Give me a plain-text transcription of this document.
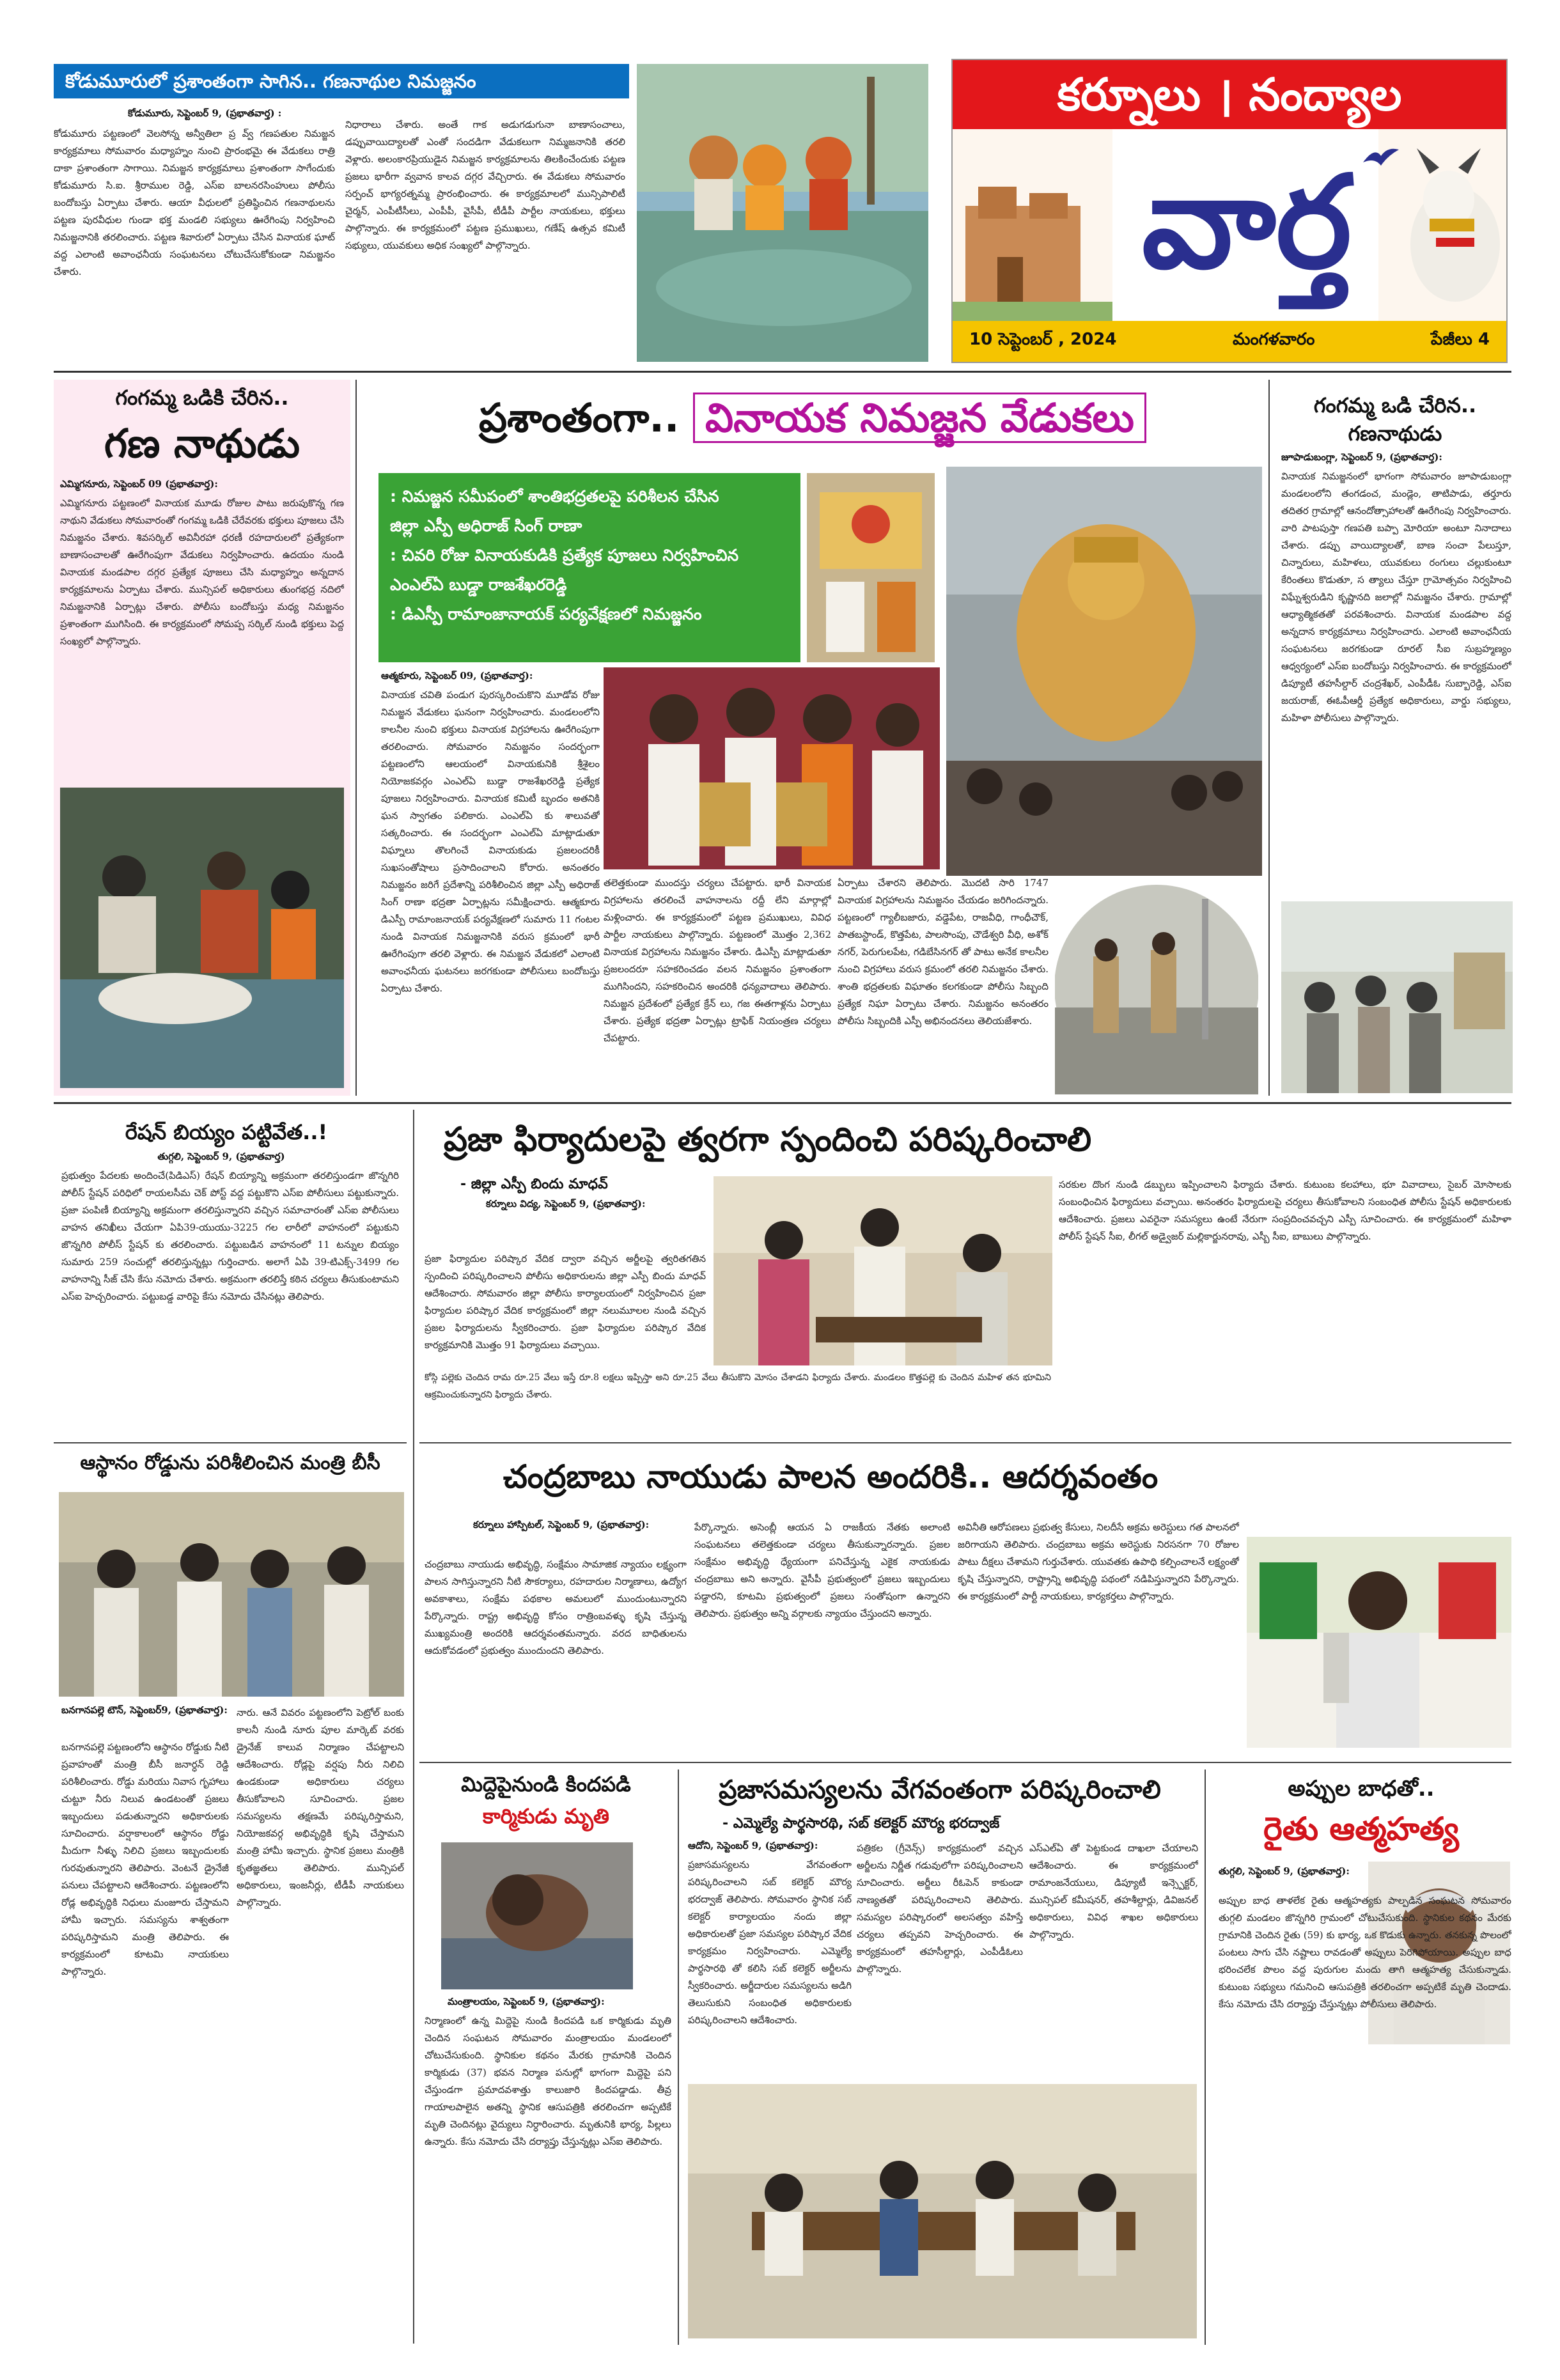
కర్నూలు । నంద్యాల
వార్త
10 సెప్టెంబర్ , 2024	మంగళవారం	పేజీలు 4
కోడుమూరులో ప్రశాంతంగా సాగిన.. గణనాథుల నిమజ్జనం
కోడుమూరు, సెప్టెంబర్ 9, (ప్రభాతవార్త) :
కోడుమూరు పట్టణంలో వెలసోన్న అన్వీతిలా ప్ర వ్వ్ గణపతుల నిమజ్జన కార్యక్రమాలు సోమవారం మధ్యాహ్నం నుంచి ప్రారంభమై ఈ వేడుకలు రాత్రి దాకా ప్రశాంతంగా సాగాయి. నిమజ్జన కార్యక్రమాలు ప్రశాంతంగా సాగేందుకు కోడుమూరు సి.ఐ. శ్రీరాముల రెడ్డి, ఎస్ఐ బాలనరసింహులు పోలీసు బందోబస్తు ఏర్పాటు చేశారు. ఆయా వీధులలో ప్రతిష్ఠించిన గణనాథులను పట్టణ పురవీధుల గుండా భక్త మండలి సభ్యులు ఊరేగింపు నిర్వహించి నిమజ్జనానికి తరలించారు. పట్టణ శివారులో ఏర్పాటు చేసిన వినాయక ఘాట్ వద్ద ఎలాంటి అవాంఛనీయ సంఘటనలు చోటుచేసుకోకుండా నిమజ్జనం చేశారు.
నిధారాలు చేశారు. అంతే గాక అడుగడుగునా బాణాసంచాలు, డప్పువాయిద్యాలతో ఎంతో సందడిగా వేడుకలుగా నిమ్మజనానికి తరలి వెళ్లారు. అలంకారప్రియుడైన నిమజ్జన కార్యక్రమాలను తిలకించేందుకు పట్టణ ప్రజలు భారీగా వ్వవాన కాలవ దగ్గర వేచ్చిరారు. ఈ వేడుకలు సోమవారం సర్పంచ్ భాగ్యరత్నమ్మ ప్రారంభించారు. ఈ కార్యక్రమాలలో మున్సిపాలిటీ చైర్మన్, ఎంపీటీసీలు, ఎంపీపీ, వైసీపీ, టీడీపీ పార్టీల నాయకులు, భక్తులు పాల్గొన్నారు. ఈ కార్యక్రమంలో పట్టణ ప్రముఖులు, గణేష్ ఉత్సవ కమిటీ సభ్యులు, యువకులు అధిక సంఖ్యలో పాల్గొన్నారు.
గంగమ్మ ఒడికి చేరిన..
గణ నాథుడు
ఎమ్మిగనూరు, సెప్టెంబర్ 09 (ప్రభాతవార్త):
ఎమ్మిగనూరు పట్టణంలో వినాయక మూడు రోజుల పాటు జరుపుకొన్న గణ నాథుని వేడుకలు సోమవారంతో గంగమ్మ ఒడికి చేరేవరకు భక్తులు పూజలు చేసి నిమజ్జనం చేశారు. శివసర్కిల్ అవినీరహా ధరణీ రహదారులలో ప్రత్యేకంగా బాణాసంచాలతో ఊరేగింపుగా వేడుకలు నిర్వహించారు. ఉదయం నుండి వినాయక మండపాల దగ్గర ప్రత్యేక పూజలు చేసి మధ్యాహ్నం అన్నదాన కార్యక్రమాలను ఏర్పాటు చేశారు. మున్సిపల్ అధికారులు తుంగభద్ర నదిలో నిమజ్జనానికి ఏర్పాట్లు చేశారు. పోలీసు బందోబస్తు మధ్య నిమజ్జనం ప్రశాంతంగా ముగిసింది. ఈ కార్యక్రమంలో సోమప్ప సర్కిల్ నుండి భక్తులు పెద్ద సంఖ్యలో పాల్గొన్నారు.
ప్రశాంతంగా.. వినాయక నిమజ్జన వేడుకలు
: నిమజ్జన సమీపంలో శాంతిభద్రతలపై పరిశీలన చేసిన
జిల్లా ఎస్పీ అధిరాజ్ సింగ్ రాణా
: చివరి రోజు వినాయకుడికి ప్రత్యేక పూజలు నిర్వహించిన
ఎంఎల్ఏ బుడ్డా రాజశేఖరరెడ్డి
: డిఎస్పీ రామాంజానాయక్ పర్యవేక్షణలో నిమజ్జనం
ఆత్మకూరు, సెప్టెంబర్ 09, (ప్రభాతవార్త):
వినాయక చవితి పండుగ పురస్కరించుకొని మూడోవ రోజు నిమజ్జన వేడుకలు ఘనంగా నిర్వహించారు. మండలంలోని కాలనీల నుంచి భక్తులు వినాయక విగ్రహాలను ఊరేగింపుగా తరలించారు. సోమవారం నిమజ్జనం సందర్భంగా పట్టణంలోని ఆలయంలో వినాయకునికి శ్రీశైలం నియోజకవర్గం ఎంఎల్ఏ బుడ్డా రాజశేఖరరెడ్డి ప్రత్యేక పూజలు నిర్వహించారు. వినాయక కమిటీ బృందం అతనికి ఘన స్వాగతం పలికారు. ఎంఎల్ఏ కు శాలువతో సత్కరించారు. ఈ సందర్భంగా ఎంఎల్ఏ మాట్లాడుతూ విఘ్నాలు తొలగించే వినాయకుడు ప్రజలందరికీ సుఖసంతోషాలు ప్రసాదించాలని కోరారు. అనంతరం నిమజ్జనం జరిగే ప్రదేశాన్ని పరిశీలించిన జిల్లా ఎస్పీ అధిరాజ్ సింగ్ రాణా భద్రతా ఏర్పాట్లను సమీక్షించారు. ఆత్మకూరు డిఎస్పీ రామాంజనాయక్ పర్యవేక్షణలో సుమారు 11 గంటల నుండి వినాయక నిమజ్జనానికి వరుస క్రమంలో భారీ ఊరేగింపుగా తరలి వెళ్లారు. ఈ నిమజ్జన వేడుకలో ఎలాంటి అవాంఛనీయ ఘటనలు జరగకుండా పోలీసులు బందోబస్తు ఏర్పాటు చేశారు.
తలెత్తకుండా ముందస్తు చర్యలు చేపట్టారు. భారీ వినాయక విగ్రహాలను తరలించే వాహనాలను రద్దీ లేని మార్గాల్లో మళ్లించారు. ఈ కార్యక్రమంలో పట్టణ ప్రముఖులు, వివిధ పార్టీల నాయకులు పాల్గొన్నారు. పట్టణంలో మొత్తం 2,362 వినాయక విగ్రహాలను నిమజ్జనం చేశారు. డిఎస్పీ మాట్లాడుతూ ప్రజలందరూ సహకరించడం వలన నిమజ్జనం ప్రశాంతంగా ముగిసిందని, సహకరించిన అందరికి ధన్యవాదాలు తెలిపారు. నిమజ్జన ప్రదేశంలో ప్రత్యేక క్రేన్ లు, గజ ఈతగాళ్లను ఏర్పాటు చేశారు. ప్రత్యేక భద్రతా ఏర్పాట్లు ట్రాఫిక్ నియంత్రణ చర్యలు చేపట్టారు.
ఏర్పాటు చేశారని తెలిపారు. మొదటి సారి 1747 వినాయక విగ్రహాలను నిమజ్జనం చేయడం జరిగిందన్నారు. పట్టణంలో గ్యాలీబజారు, వడ్డెపేట, రాజవీధి, గాంధీచౌక్, పాతబస్టాండ్, కొత్తపేట, పాలసొంపు, చౌడేశ్వరి వీధి, అశోక్ నగర్, పెరుగులపేట, గడిబేసినగర్ తో పాటు అనేక కాలనీల నుంచి విగ్రహాలు వరుస క్రమంలో తరలి నిమజ్జనం చేశారు. శాంతి భద్రతలకు విఘాతం కలగకుండా పోలీసు సిబ్బంది ప్రత్యేక నిఘా ఏర్పాటు చేశారు. నిమజ్జనం అనంతరం పోలీసు సిబ్బందికి ఎస్పీ అభినందనలు తెలియజేశారు.
గంగమ్మ ఒడి చేరిన..
గణనాథుడు
జూపాడుబంగ్లా, సెప్టెంబర్ 9, (ప్రభాతవార్త):
వినాయక నిమజ్జనంలో భాగంగా సోమవారం జూపాడుబంగ్లా మండలంలోని తంగడంచ, మండ్లెం, తాటిపాడు, తర్తూరు తదితర గ్రామాల్లో ఆనందోత్సాహాలతో ఊరేగింపు నిర్వహించారు. వారి పాటపుస్తా గణపతి బప్పా మోరియా అంటూ నినాదాలు చేశారు. డప్పు వాయిద్యాలతో, బాణ సంచా పేలుస్తూ, చిన్నారులు, మహిళలు, యువకులు రంగులు చల్లుకుంటూ కేరింతలు కొడుతూ, స త్యాలు చేస్తూ గ్రామోత్సవం నిర్వహించి విఘ్నేశ్వరుడిని కృష్ణానది జలాల్లో నిమజ్జనం చేశారు. గ్రామాల్లో ఆధ్యాత్మికతతో పరవశించారు. వినాయక మండపాల వద్ద అన్నదాన కార్యక్రమాలు నిర్వహించారు. ఎలాంటి అవాంఛనీయ సంఘటనలు జరగకుండా రూరల్ సీఐ సుబ్రహ్మణ్యం ఆధ్వర్యంలో ఎస్ఐ బందోబస్తు నిర్వహించారు. ఈ కార్యక్రమంలో డిప్యూటీ తహసీల్దార్ చంద్రశేఖర్, ఎంపీడీఓ సుబ్బారెడ్డి, ఎస్ఐ జయరాజ్, ఈఓపీఆర్డీ ప్రత్యేక అధికారులు, వార్డు సభ్యులు, మహిళా పోలీసులు పాల్గొన్నారు.
రేషన్ బియ్యం పట్టివేత..!
తుగ్గలి, సెప్టెంబర్ 9, (ప్రభాతవార్త)
ప్రభుత్వం పేదలకు అందించే(పిడిఎస్) రేషన్ బియ్యాన్ని అక్రమంగా తరలిస్తుండగా జొన్నగిరి పోలీస్ స్టేషన్ పరిధిలో రాయలసీమ చెక్ పోస్ట్ వద్ద పట్టుకొని ఎస్ఐ పోలీసులు పట్టుకున్నారు. ప్రజా పంపిణీ బియ్యాన్ని అక్రమంగా తరలిస్తున్నారని వచ్చిన సమాచారంతో ఎస్ఐ పోలీసులు వాహన తనిఖీలు చేయగా ఏపి39-యుయు-3225 గల లారీలో వాహనంలో పట్టుకుని జొన్నగిరి పోలీస్ స్టేషన్ కు తరలించారు. పట్టుబడిన వాహనంలో 11 టన్నుల బియ్యం సుమారు 259 సంచుల్లో తరలిస్తున్నట్లు గుర్తించారు. అలాగే ఏపి 39-టిఎక్స్-3499 గల వాహనాన్ని సీజ్ చేసి కేసు నమోదు చేశారు. అక్రమంగా తరలిస్తే కఠిన చర్యలు తీసుకుంటామని ఎస్ఐ హెచ్చరించారు. పట్టుబడ్డ వారిపై కేసు నమోదు చేసినట్లు తెలిపారు.
ఆస్థానం రోడ్డును పరిశీలించిన మంత్రి బీసీ
బనగానపల్లె టౌన్, సెప్టెంబర్9, (ప్రభాతవార్త):
బనగానపల్లె పట్టణంలోని ఆస్థానం రోడ్డుకు నీటి ప్రవాహంతో మంత్రి బీసీ జనార్ధన్ రెడ్డి పరిశీలించారు. రోడ్డు మరియు నివాస గృహాలు చుట్టూ నీరు నిలువ ఉండటంతో ప్రజలు ఇబ్బందులు పడుతున్నారని అధికారులకు సూచించారు. వర్షాకాలంలో ఆస్థానం రోడ్డు మీదుగా నీళ్ళు నిలిచి ప్రజలు ఇబ్బందులకు గురవుతున్నారని తెలిపారు. వెంటనే డ్రైనేజీ పనులు చేపట్టాలని ఆదేశించారు. పట్టణంలోని రోడ్ల అభివృద్ధికి నిధులు మంజూరు చేస్తామని హామీ ఇచ్చారు. సమస్యను శాశ్వతంగా పరిష్కరిస్తామని మంత్రి తెలిపారు. ఈ కార్యక్రమంలో కూటమి నాయకులు పాల్గొన్నారు.
నారు. ఆనే వివరం పట్టణంలోని పెట్రోల్ బంకు కాలనీ నుండి నూరు పూల మార్కెట్ వరకు డ్రైనేజ్ కాలువ నిర్మాణం చేపట్టాలని ఆదేశించారు. రోడ్లపై వర్షపు నీరు నిలిచి ఉండకుండా అధికారులు చర్యలు తీసుకోవాలని సూచించారు. ప్రజల సమస్యలను తక్షణమే పరిష్కరిస్తామని, నియోజకవర్గ అభివృద్ధికి కృషి చేస్తామని మంత్రి హామీ ఇచ్చారు. స్థానిక ప్రజలు మంత్రికి కృతజ్ఞతలు తెలిపారు. మున్సిపల్ అధికారులు, ఇంజనీర్లు, టీడీపీ నాయకులు పాల్గొన్నారు.
ప్రజా ఫిర్యాదులపై త్వరగా స్పందించి పరిష్కరించాలి
- జిల్లా ఎస్పీ బిందు మాధవ్
కర్నూలు విద్య, సెప్టెంబర్ 9, (ప్రభాతవార్త):
ప్రజా ఫిర్యాదుల పరిష్కార వేదిక ద్వారా వచ్చిన అర్జీలపై త్వరితగతిన స్పందించి పరిష్కరించాలని పోలీసు అధికారులను జిల్లా ఎస్పీ బిందు మాధవ్ ఆదేశించారు. సోమవారం జిల్లా పోలీసు కార్యాలయంలో నిర్వహించిన ప్రజా ఫిర్యాదుల పరిష్కార వేదిక కార్యక్రమంలో జిల్లా నలుమూలల నుండి వచ్చిన ప్రజల ఫిర్యాదులను స్వీకరించారు. ప్రజా ఫిర్యాదుల పరిష్కార వేదిక కార్యక్రమానికి మొత్తం 91 ఫిర్యాదులు వచ్చాయి.
కోస్గి పల్లెకు చెందిన రామ రూ.25 వేలు ఇస్తే రూ.8 లక్షలు ఇప్పిస్తా అని రూ.25 వేలు తీసుకొని మోసం చేశాడని ఫిర్యాదు చేశారు. మండలం కొత్తపల్లె కు చెందిన మహిళ తన భూమిని ఆక్రమించుకున్నారని ఫిర్యాదు చేశారు.
సరకుల దొంగ నుండి డబ్బులు ఇప్పించాలని ఫిర్యాదు చేశారు. కుటుంబ కలహాలు, భూ వివాదాలు, సైబర్ మోసాలకు సంబంధించిన ఫిర్యాదులు వచ్చాయి. అనంతరం ఫిర్యాదులపై చర్యలు తీసుకోవాలని సంబంధిత పోలీసు స్టేషన్ అధికారులకు ఆదేశించారు. ప్రజలు ఎవరైనా సమస్యలు ఉంటే నేరుగా సంప్రదించవచ్చని ఎస్పీ సూచించారు. ఈ కార్యక్రమంలో మహిళా పోలీస్ స్టేషన్ సీఐ, లీగల్ అడ్వైజర్ మల్లికార్జునరావు, ఎస్బీ సీఐ, బాబులు పాల్గొన్నారు.
చంద్రబాబు నాయుడు పాలన అందరికి.. ఆదర్శవంతం
కర్నూలు హాస్పిటల్, సెప్టెంబర్ 9, (ప్రభాతవార్త):
చంద్రబాబు నాయుడు అభివృద్ధి, సంక్షేమం సామాజిక న్యాయం లక్ష్యంగా పాలన సాగిస్తున్నారని నీటి సౌకర్యాలు, రహదారుల నిర్మాణాలు, ఉద్యోగ అవకాశాలు, సంక్షేమ పథకాల అమలులో ముందుంటున్నారని పేర్కొన్నారు. రాష్ట్ర అభివృద్ధి కోసం రాత్రింబవళ్ళు కృషి చేస్తున్న ముఖ్యమంత్రి అందరికి ఆదర్శవంతమన్నారు. వరద బాధితులను ఆదుకోవడంలో ప్రభుత్వం ముందుందని తెలిపారు.
పేర్కొన్నారు. అసెంబ్లీ ఆయన ఏ రాజకీయ నేతకు అలాంటి సంఘటనలు తలెత్తకుండా చర్యలు తీసుకున్నారన్నారు. ప్రజల సంక్షేమం అభివృద్ధి ధ్యేయంగా పనిచేస్తున్న ఎకైక నాయకుడు చంద్రబాబు అని అన్నారు. వైసీపీ ప్రభుత్వంలో ప్రజలు ఇబ్బందులు పడ్డారని, కూటమి ప్రభుత్వంలో ప్రజలు సంతోషంగా ఉన్నారని తెలిపారు. ప్రభుత్వం అన్ని వర్గాలకు న్యాయం చేస్తుందని అన్నారు.
అవినీతి ఆరోపణలు ప్రభుత్వ కేసులు, నిలదీసే అక్రమ అరెస్టులు గత పాలనలో జరిగాయని తెలిపారు. చంద్రబాబు అక్రమ అరెస్టుకు నిరసనగా 70 రోజుల పాటు దీక్షలు చేశామని గుర్తుచేశారు. యువతకు ఉపాధి కల్పించాలనే లక్ష్యంతో కృషి చేస్తున్నారని, రాష్ట్రాన్ని అభివృద్ధి పథంలో నడిపిస్తున్నారని పేర్కొన్నారు. ఈ కార్యక్రమంలో పార్టీ నాయకులు, కార్యకర్తలు పాల్గొన్నారు.
మిద్దెపైనుండి కిందపడి
కార్మికుడు మృతి
మంత్రాలయం, సెప్టెంబర్ 9, (ప్రభాతవార్త):
నిర్మాణంలో ఉన్న మిద్దెపై నుండి కిందపడి ఒక కార్మికుడు మృతి చెందిన సంఘటన సోమవారం మంత్రాలయం మండలంలో చోటుచేసుకుంది. స్థానికుల కథనం మేరకు గ్రామానికి చెందిన కార్మికుడు (37) భవన నిర్మాణ పనుల్లో భాగంగా మిద్దెపై పని చేస్తుండగా ప్రమాదవశాత్తు కాలుజారి కిందపడ్డాడు. తీవ్ర గాయాలపాలైన అతన్ని స్థానిక ఆసుపత్రికి తరలించగా అప్పటికే మృతి చెందినట్లు వైద్యులు నిర్ధారించారు. మృతునికి భార్య, పిల్లలు ఉన్నారు. కేసు నమోదు చేసి దర్యాప్తు చేస్తున్నట్లు ఎస్ఐ తెలిపారు.
ప్రజాసమస్యలను వేగవంతంగా పరిష్కరించాలి
- ఎమ్మెల్యే పార్థసారథి, సబ్ కలెక్టర్ మౌర్య భరద్వాజ్
ఆదోని, సెప్టెంబర్ 9, (ప్రభాతవార్త):
ప్రజాసమస్యలను వేగవంతంగా పరిష్కరించాలని సబ్ కలెక్టర్ మౌర్య భరద్వాజ్ తెలిపారు. సోమవారం స్థానిక సబ్ కలెక్టర్ కార్యాలయం నందు జిల్లా అధికారులతో ప్రజా సమస్యల పరిష్కార వేదిక కార్యక్రమం నిర్వహించారు. ఎమ్మెల్యే పార్థసారథి తో కలిసి సబ్ కలెక్టర్ అర్జీలను స్వీకరించారు. అర్జీదారుల సమస్యలను అడిగి తెలుసుకుని సంబంధిత అధికారులకు పరిష్కరించాలని ఆదేశించారు.
పత్రికల (గ్రీవెన్స్) కార్యక్రమంలో వచ్చిన అర్జీలను నిర్ణీత గడువులోగా పరిష్కరించాలని సూచించారు. అర్జీలు రీఓపెన్ కాకుండా నాణ్యతతో పరిష్కరించాలని తెలిపారు. సమస్యల పరిష్కారంలో అలసత్వం వహిస్తే చర్యలు తప్పవని హెచ్చరించారు. ఈ కార్యక్రమంలో తహసీల్దార్లు, ఎంపీడీఓలు పాల్గొన్నారు.
ఎస్ఎల్ఏ తో పెట్టకుండ దాఖలా చేయాలని ఆదేశించారు. ఈ కార్యక్రమంలో రామాంజనేయులు, డిప్యూటీ ఇన్స్పెక్టర్, మున్సిపల్ కమీషనర్, తహశీల్దార్లు, డివిజనల్ అధికారులు, వివిధ శాఖల అధికారులు పాల్గొన్నారు.
అప్పుల బాధతో..
రైతు ఆత్మహత్య
తుగ్గలి, సెప్టెంబర్ 9, (ప్రభాతవార్త):
అప్పుల బాధ తాళలేక రైతు ఆత్మహత్యకు పాల్పడిన సంఘటన సోమవారం తుగ్గలి మండలం జొన్నగిరి గ్రామంలో చోటుచేసుకుంది. స్థానికుల కథనం మేరకు గ్రామానికి చెందిన రైతు (59) కు భార్య, ఒక కొడుకు ఉన్నారు. తనకున్న పొలంలో పంటలు సాగు చేసి నష్టాలు రావడంతో అప్పులు పెరిగిపోయాయి. అప్పుల బాధ భరించలేక పొలం వద్ద పురుగుల మందు తాగి ఆత్మహత్య చేసుకున్నాడు. కుటుంబ సభ్యులు గమనించి ఆసుపత్రికి తరలించగా అప్పటికే మృతి చెందాడు. కేసు నమోదు చేసి దర్యాప్తు చేస్తున్నట్లు పోలీసులు తెలిపారు.
